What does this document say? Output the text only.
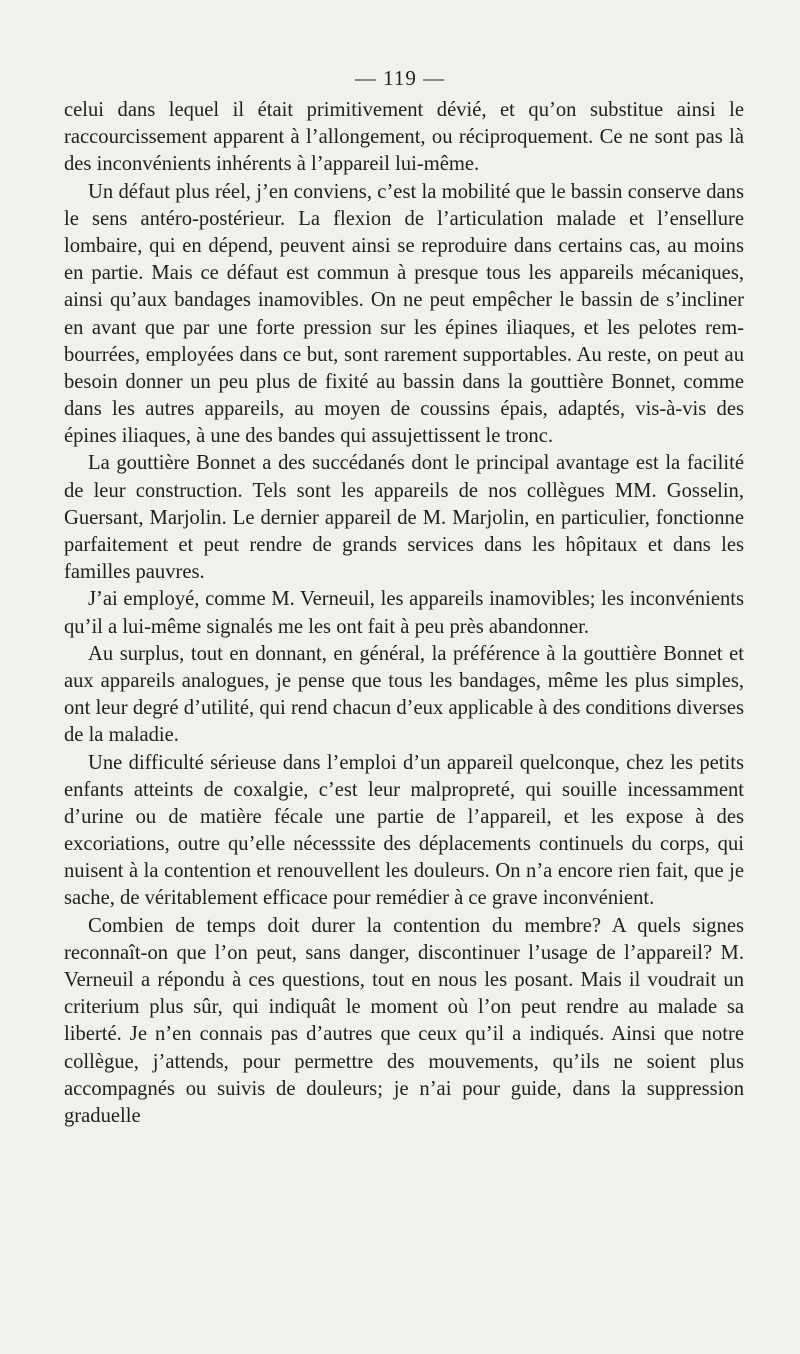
— 119 —

celui dans lequel il était primitivement dévié, et qu’on substitue ainsi le raccourcissement apparent à l’allongement, ou réciproquement. Ce ne sont pas là des inconvénients inhérents à l’appareil lui-même.

Un défaut plus réel, j’en conviens, c’est la mobilité que le bassin conserve dans le sens antéro-postérieur. La flexion de l’articulation malade et l’ensellure lombaire, qui en dépend, peuvent ainsi se reproduire dans certains cas, au moins en partie. Mais ce défaut est commun à presque tous les appareils mécaniques, ainsi qu’aux bandages inamovibles. On ne peut empêcher le bassin de s’incliner en avant que par une forte pression sur les épines iliaques, et les pelotes rembourrées, employées dans ce but, sont rarement supportables. Au reste, on peut au besoin donner un peu plus de fixité au bassin dans la gouttière Bonnet, comme dans les autres appareils, au moyen de coussins épais, adaptés, vis-à-vis des épines iliaques, à une des bandes qui assujettissent le tronc.

La gouttière Bonnet a des succédanés dont le principal avantage est la facilité de leur construction. Tels sont les appareils de nos collègues MM. Gosselin, Guersant, Marjolin. Le dernier appareil de M. Marjolin, en particulier, fonctionne parfaitement et peut rendre de grands services dans les hôpitaux et dans les familles pauvres.

J’ai employé, comme M. Verneuil, les appareils inamovibles; les inconvénients qu’il a lui-même signalés me les ont fait à peu près abandonner.

Au surplus, tout en donnant, en général, la préférence à la gouttière Bonnet et aux appareils analogues, je pense que tous les bandages, même les plus simples, ont leur degré d’utilité, qui rend chacun d’eux applicable à des conditions diverses de la maladie.

Une difficulté sérieuse dans l’emploi d’un appareil quelconque, chez les petits enfants atteints de coxalgie, c’est leur malpropreté, qui souille incessamment d’urine ou de matière fécale une partie de l’appareil, et les expose à des excoriations, outre qu’elle nécesssite des déplacements continuels du corps, qui nuisent à la contention et renouvellent les douleurs. On n’a encore rien fait, que je sache, de véritablement efficace pour remédier à ce grave inconvénient.

Combien de temps doit durer la contention du membre? A quels signes reconnaît-on que l’on peut, sans danger, discontinuer l’usage de l’appareil? M. Verneuil a répondu à ces questions, tout en nous les posant. Mais il voudrait un criterium plus sûr, qui indiquât le moment où l’on peut rendre au malade sa liberté. Je n’en connais pas d’autres que ceux qu’il a indiqués. Ainsi que notre collègue, j’attends, pour permettre des mouvements, qu’ils ne soient plus accompagnés ou suivis de douleurs; je n’ai pour guide, dans la suppression graduelle
